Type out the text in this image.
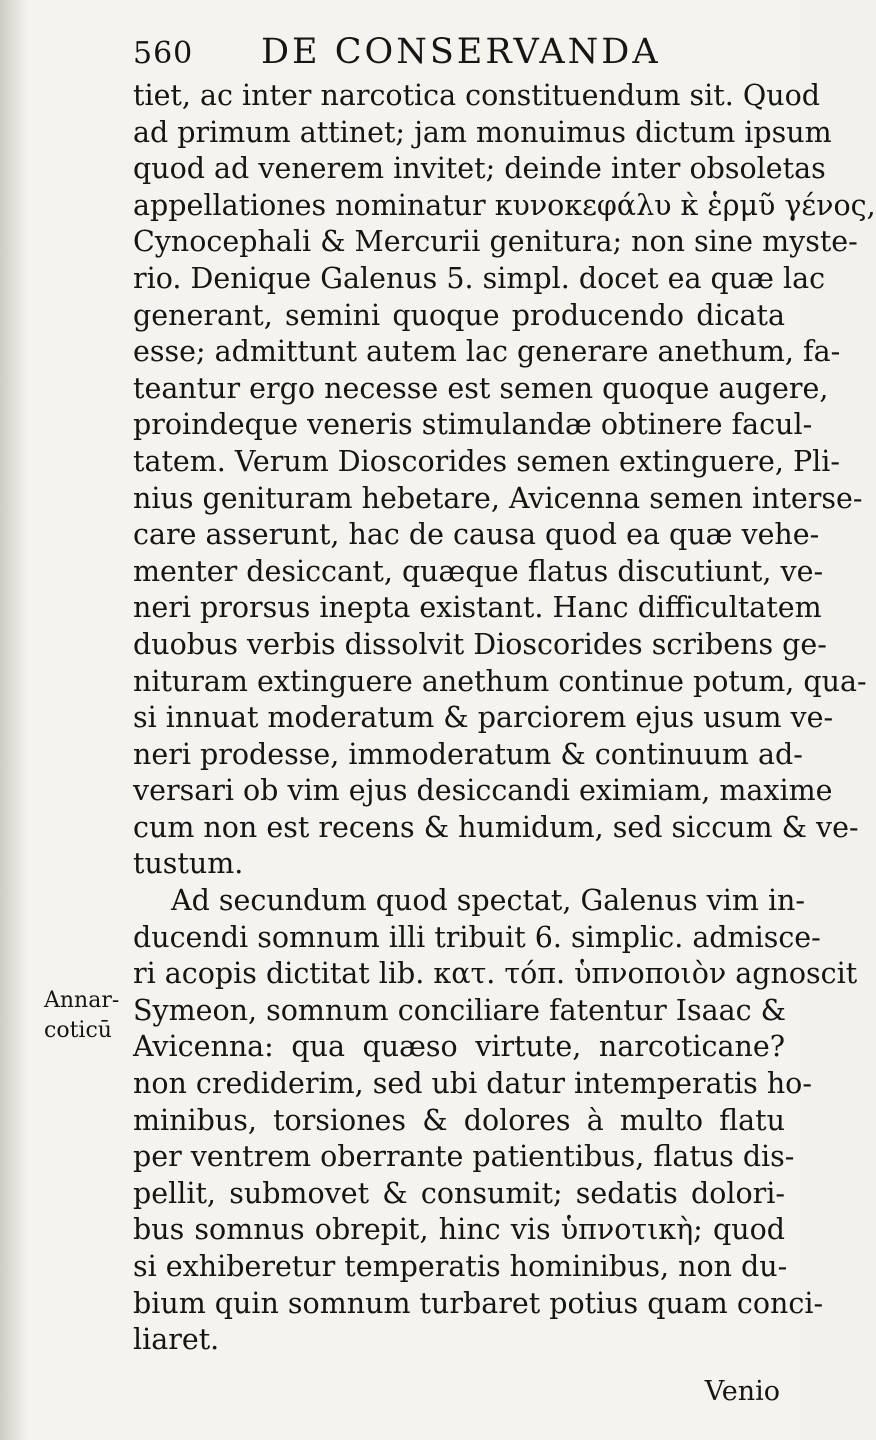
560 DE CONSERVANDA
tiet, ac inter narcotica constituendum sit. Quod
ad primum attinet; jam monuimus dictum ipsum
quod ad venerem invitet; deinde inter obsoletas
appellationes nominatur κυνοκεφάλυ κ̀ ἑρμῦ γένος,
Cynocephali & Mercurii genitura; non sine myste-
rio. Denique Galenus 5. simpl. docet ea quæ lac
generant, semini quoque producendo dicata
esse; admittunt autem lac generare anethum, fa-
teantur ergo necesse est semen quoque augere,
proindeque veneris stimulandæ obtinere facul-
tatem. Verum Dioscorides semen extinguere, Pli-
nius genituram hebetare, Avicenna semen interse-
care asserunt, hac de causa quod ea quæ vehe-
menter desiccant, quæque flatus discutiunt, ve-
neri prorsus inepta existant. Hanc difficultatem
duobus verbis dissolvit Dioscorides scribens ge-
nituram extinguere anethum continue potum, qua-
si innuat moderatum & parciorem ejus usum ve-
neri prodesse, immoderatum & continuum ad-
versari ob vim ejus desiccandi eximiam, maxime
cum non est recens & humidum, sed siccum & ve-
tustum.
Ad secundum quod spectat, Galenus vim in-
ducendi somnum illi tribuit 6. simplic. admisce-
ri acopis dictitat lib. κατ. τόπ. ὑπνοποιὸν agnoscit
Symeon, somnum conciliare fatentur Isaac &
Avicenna: qua quæso virtute, narcoticane?
non crediderim, sed ubi datur intemperatis ho-
minibus, torsiones & dolores à multo flatu
per ventrem oberrante patientibus, flatus dis-
pellit, submovet & consumit; sedatis dolori-
bus somnus obrepit, hinc vis ὑπνοτικὴ; quod
si exhiberetur temperatis hominibus, non du-
bium quin somnum turbaret potius quam conci-
liaret.
Annar-
coticū
Venio
